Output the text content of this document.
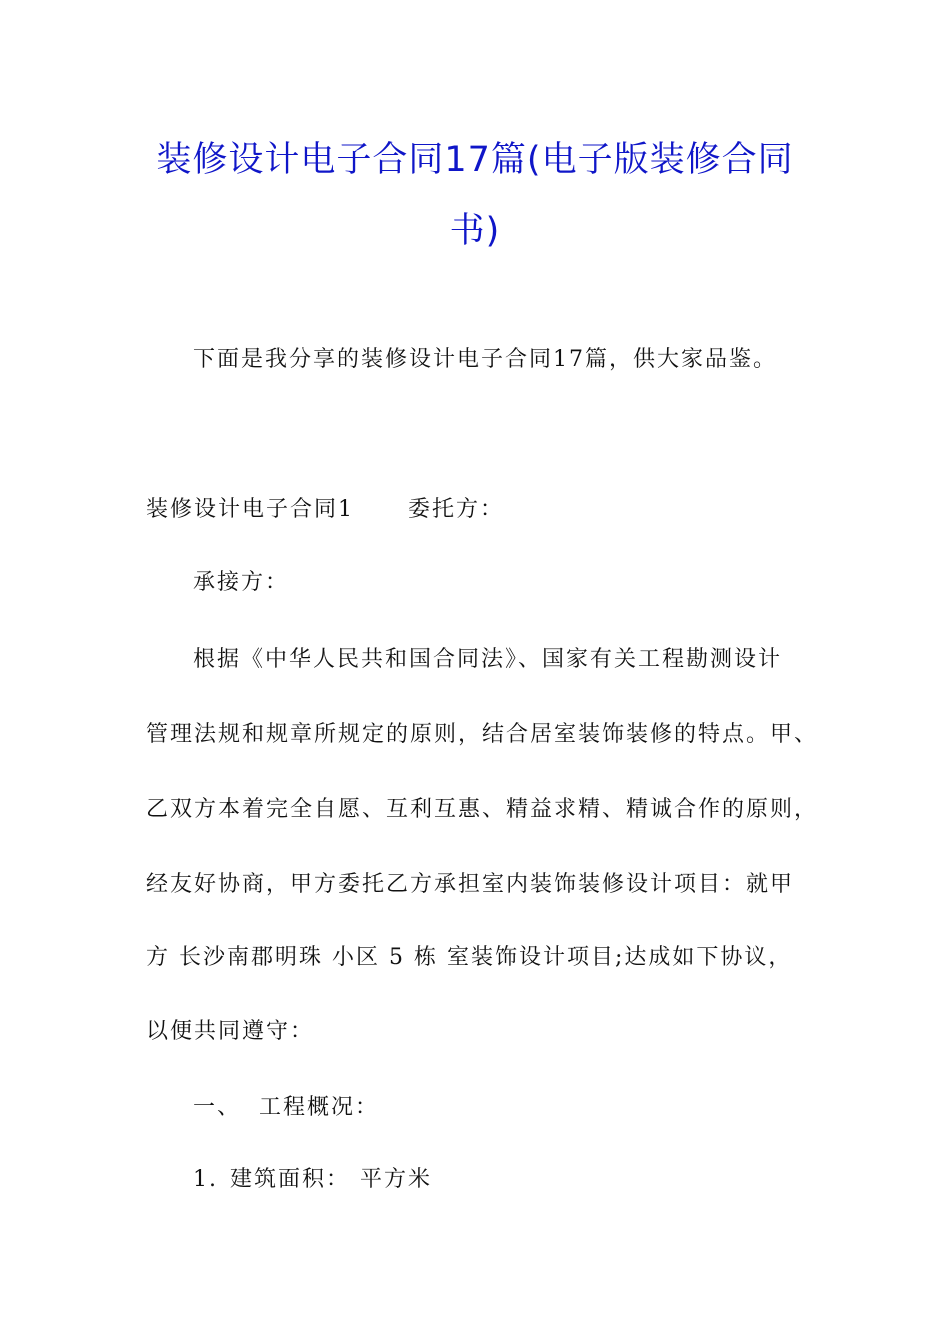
装修设计电子合同17篇(电子版装修合同
书)
下面是我分享的装修设计电子合同17篇，供大家品鉴。
装修设计电子合同1 委托方：
承接方：
根据《中华人民共和国合同法》、国家有关工程勘测设计
管理法规和规章所规定的原则，结合居室装饰装修的特点。甲、
乙双方本着完全自愿、互利互惠、精益求精、精诚合作的原则，
经友好协商，甲方委托乙方承担室内装饰装修设计项目：就甲
方 长沙南郡明珠 小区 5 栋 室装饰设计项目;达成如下协议，
以便共同遵守：
一、 工程概况：
1. 建筑面积： 平方米
